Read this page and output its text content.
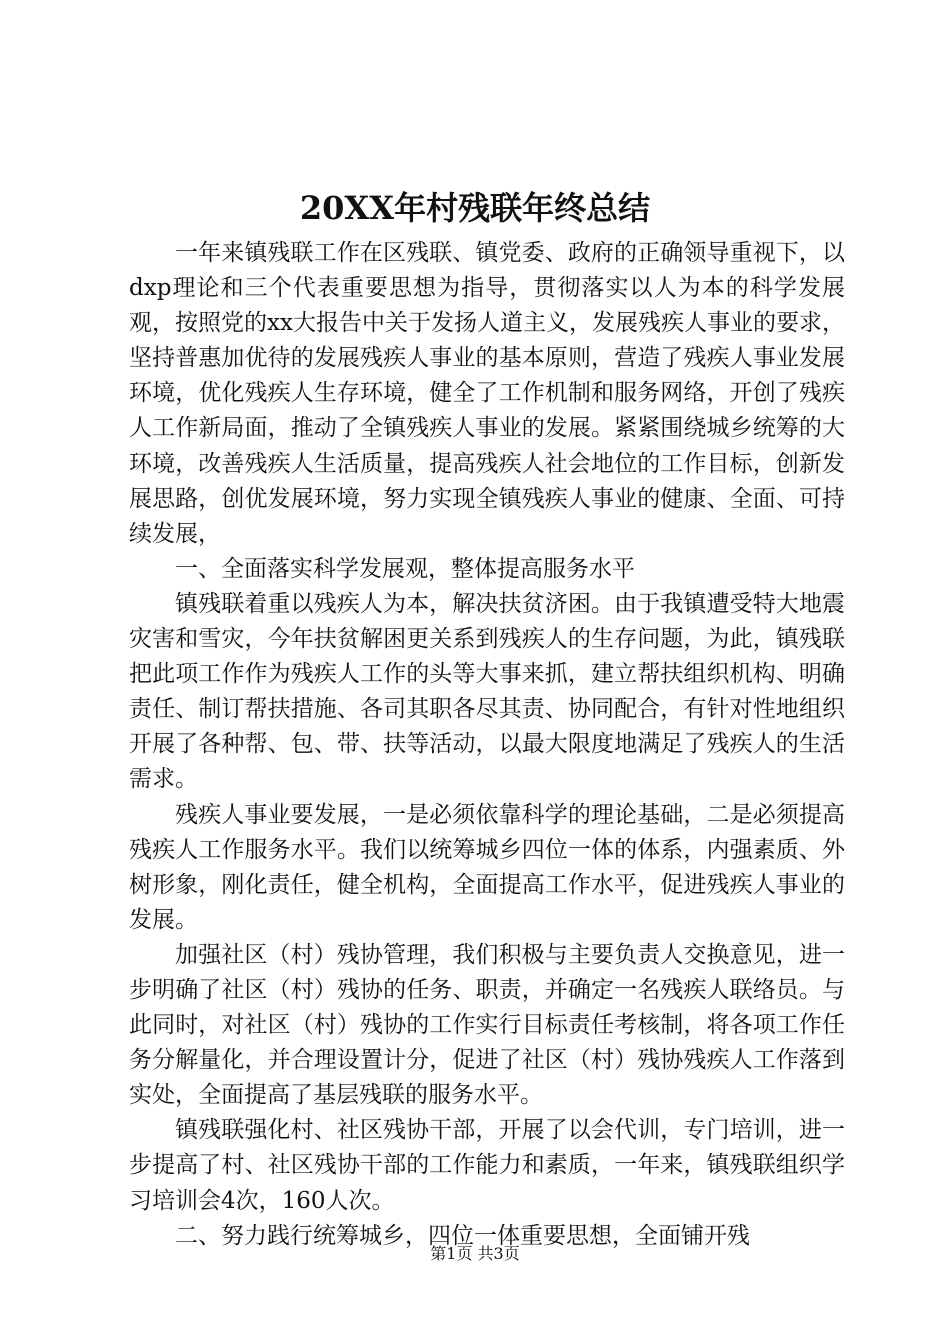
20XX年村残联年终总结

一年来镇残联工作在区残联、镇党委、政府的正确领导重视下，以dxp理论和三个代表重要思想为指导，贯彻落实以人为本的科学发展观，按照党的xx大报告中关于发扬人道主义，发展残疾人事业的要求，坚持普惠加优待的发展残疾人事业的基本原则，营造了残疾人事业发展环境，优化残疾人生存环境，健全了工作机制和服务网络，开创了残疾人工作新局面，推动了全镇残疾人事业的发展。紧紧围绕城乡统筹的大环境，改善残疾人生活质量，提高残疾人社会地位的工作目标，创新发展思路，创优发展环境，努力实现全镇残疾人事业的健康、全面、可持续发展，

一、全面落实科学发展观，整体提高服务水平

镇残联着重以残疾人为本，解决扶贫济困。由于我镇遭受特大地震灾害和雪灾，今年扶贫解困更关系到残疾人的生存问题，为此，镇残联把此项工作作为残疾人工作的头等大事来抓，建立帮扶组织机构、明确责任、制订帮扶措施、各司其职各尽其责、协同配合，有针对性地组织开展了各种帮、包、带、扶等活动，以最大限度地满足了残疾人的生活需求。

残疾人事业要发展，一是必须依靠科学的理论基础，二是必须提高残疾人工作服务水平。我们以统筹城乡四位一体的体系，内强素质、外树形象，刚化责任，健全机构，全面提高工作水平，促进残疾人事业的发展。

加强社区（村）残协管理，我们积极与主要负责人交换意见，进一步明确了社区（村）残协的任务、职责，并确定一名残疾人联络员。与此同时，对社区（村）残协的工作实行目标责任考核制，将各项工作任务分解量化，并合理设置计分，促进了社区（村）残协残疾人工作落到实处，全面提高了基层残联的服务水平。

镇残联强化村、社区残协干部，开展了以会代训，专门培训，进一步提高了村、社区残协干部的工作能力和素质，一年来，镇残联组织学习培训会4次，160人次。

二、努力践行统筹城乡，四位一体重要思想，全面铺开残

第1页 共3页
